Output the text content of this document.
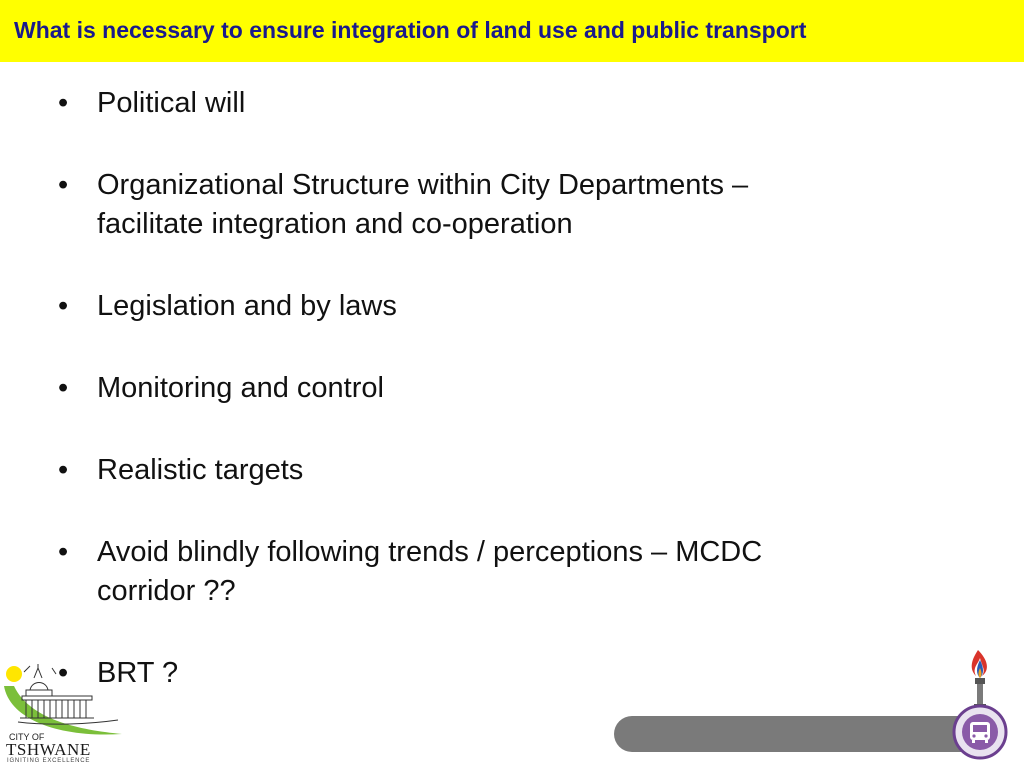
What is necessary to ensure integration of land use and public transport
• Political will
• Organizational Structure within City Departments –
facilitate integration and co-operation
• Legislation and by laws
• Monitoring and control
• Realistic targets
• Avoid blindly following trends / perceptions – MCDC
corridor ??
• BRT ?
CITY OF
TSHWANE
IGNITING EXCELLENCE
